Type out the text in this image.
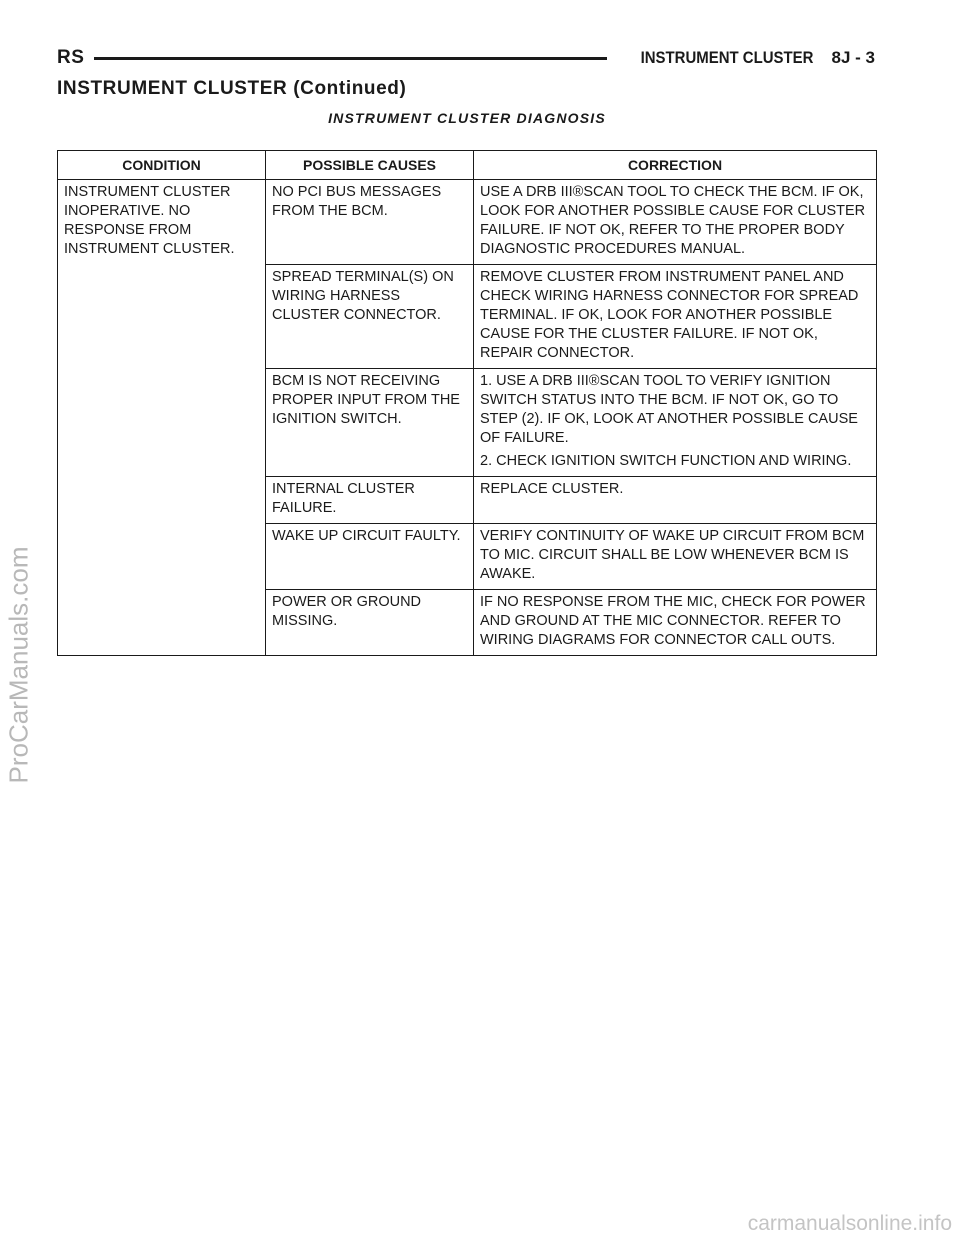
RS	INSTRUMENT CLUSTER 8J - 3
INSTRUMENT CLUSTER (Continued)
INSTRUMENT CLUSTER DIAGNOSIS
CONDITION	POSSIBLE CAUSES	CORRECTION
INSTRUMENT CLUSTER INOPERATIVE. NO RESPONSE FROM INSTRUMENT CLUSTER.	NO PCI BUS MESSAGES FROM THE BCM.	USE A DRB III®SCAN TOOL TO CHECK THE BCM. IF OK, LOOK FOR ANOTHER POSSIBLE CAUSE FOR CLUSTER FAILURE. IF NOT OK, REFER TO THE PROPER BODY DIAGNOSTIC PROCEDURES MANUAL.

	SPREAD TERMINAL(S) ON WIRING HARNESS CLUSTER CONNECTOR.	REMOVE CLUSTER FROM INSTRUMENT PANEL AND CHECK WIRING HARNESS CONNECTOR FOR SPREAD TERMINAL. IF OK, LOOK FOR ANOTHER POSSIBLE CAUSE FOR THE CLUSTER FAILURE. IF NOT OK, REPAIR CONNECTOR.

	BCM IS NOT RECEIVING PROPER INPUT FROM THE IGNITION SWITCH.	1. USE A DRB III®SCAN TOOL TO VERIFY IGNITION SWITCH STATUS INTO THE BCM. IF NOT OK, GO TO STEP (2). IF OK, LOOK AT ANOTHER POSSIBLE CAUSE OF FAILURE.
2. CHECK IGNITION SWITCH FUNCTION AND WIRING.

	INTERNAL CLUSTER FAILURE.	REPLACE CLUSTER.

	WAKE UP CIRCUIT FAULTY.	VERIFY CONTINUITY OF WAKE UP CIRCUIT FROM BCM TO MIC. CIRCUIT SHALL BE LOW WHENEVER BCM IS AWAKE.

	POWER OR GROUND MISSING.	IF NO RESPONSE FROM THE MIC, CHECK FOR POWER AND GROUND AT THE MIC CONNECTOR. REFER TO WIRING DIAGRAMS FOR CONNECTOR CALL OUTS.
ProCarManuals.com
carmanualsonline.info
